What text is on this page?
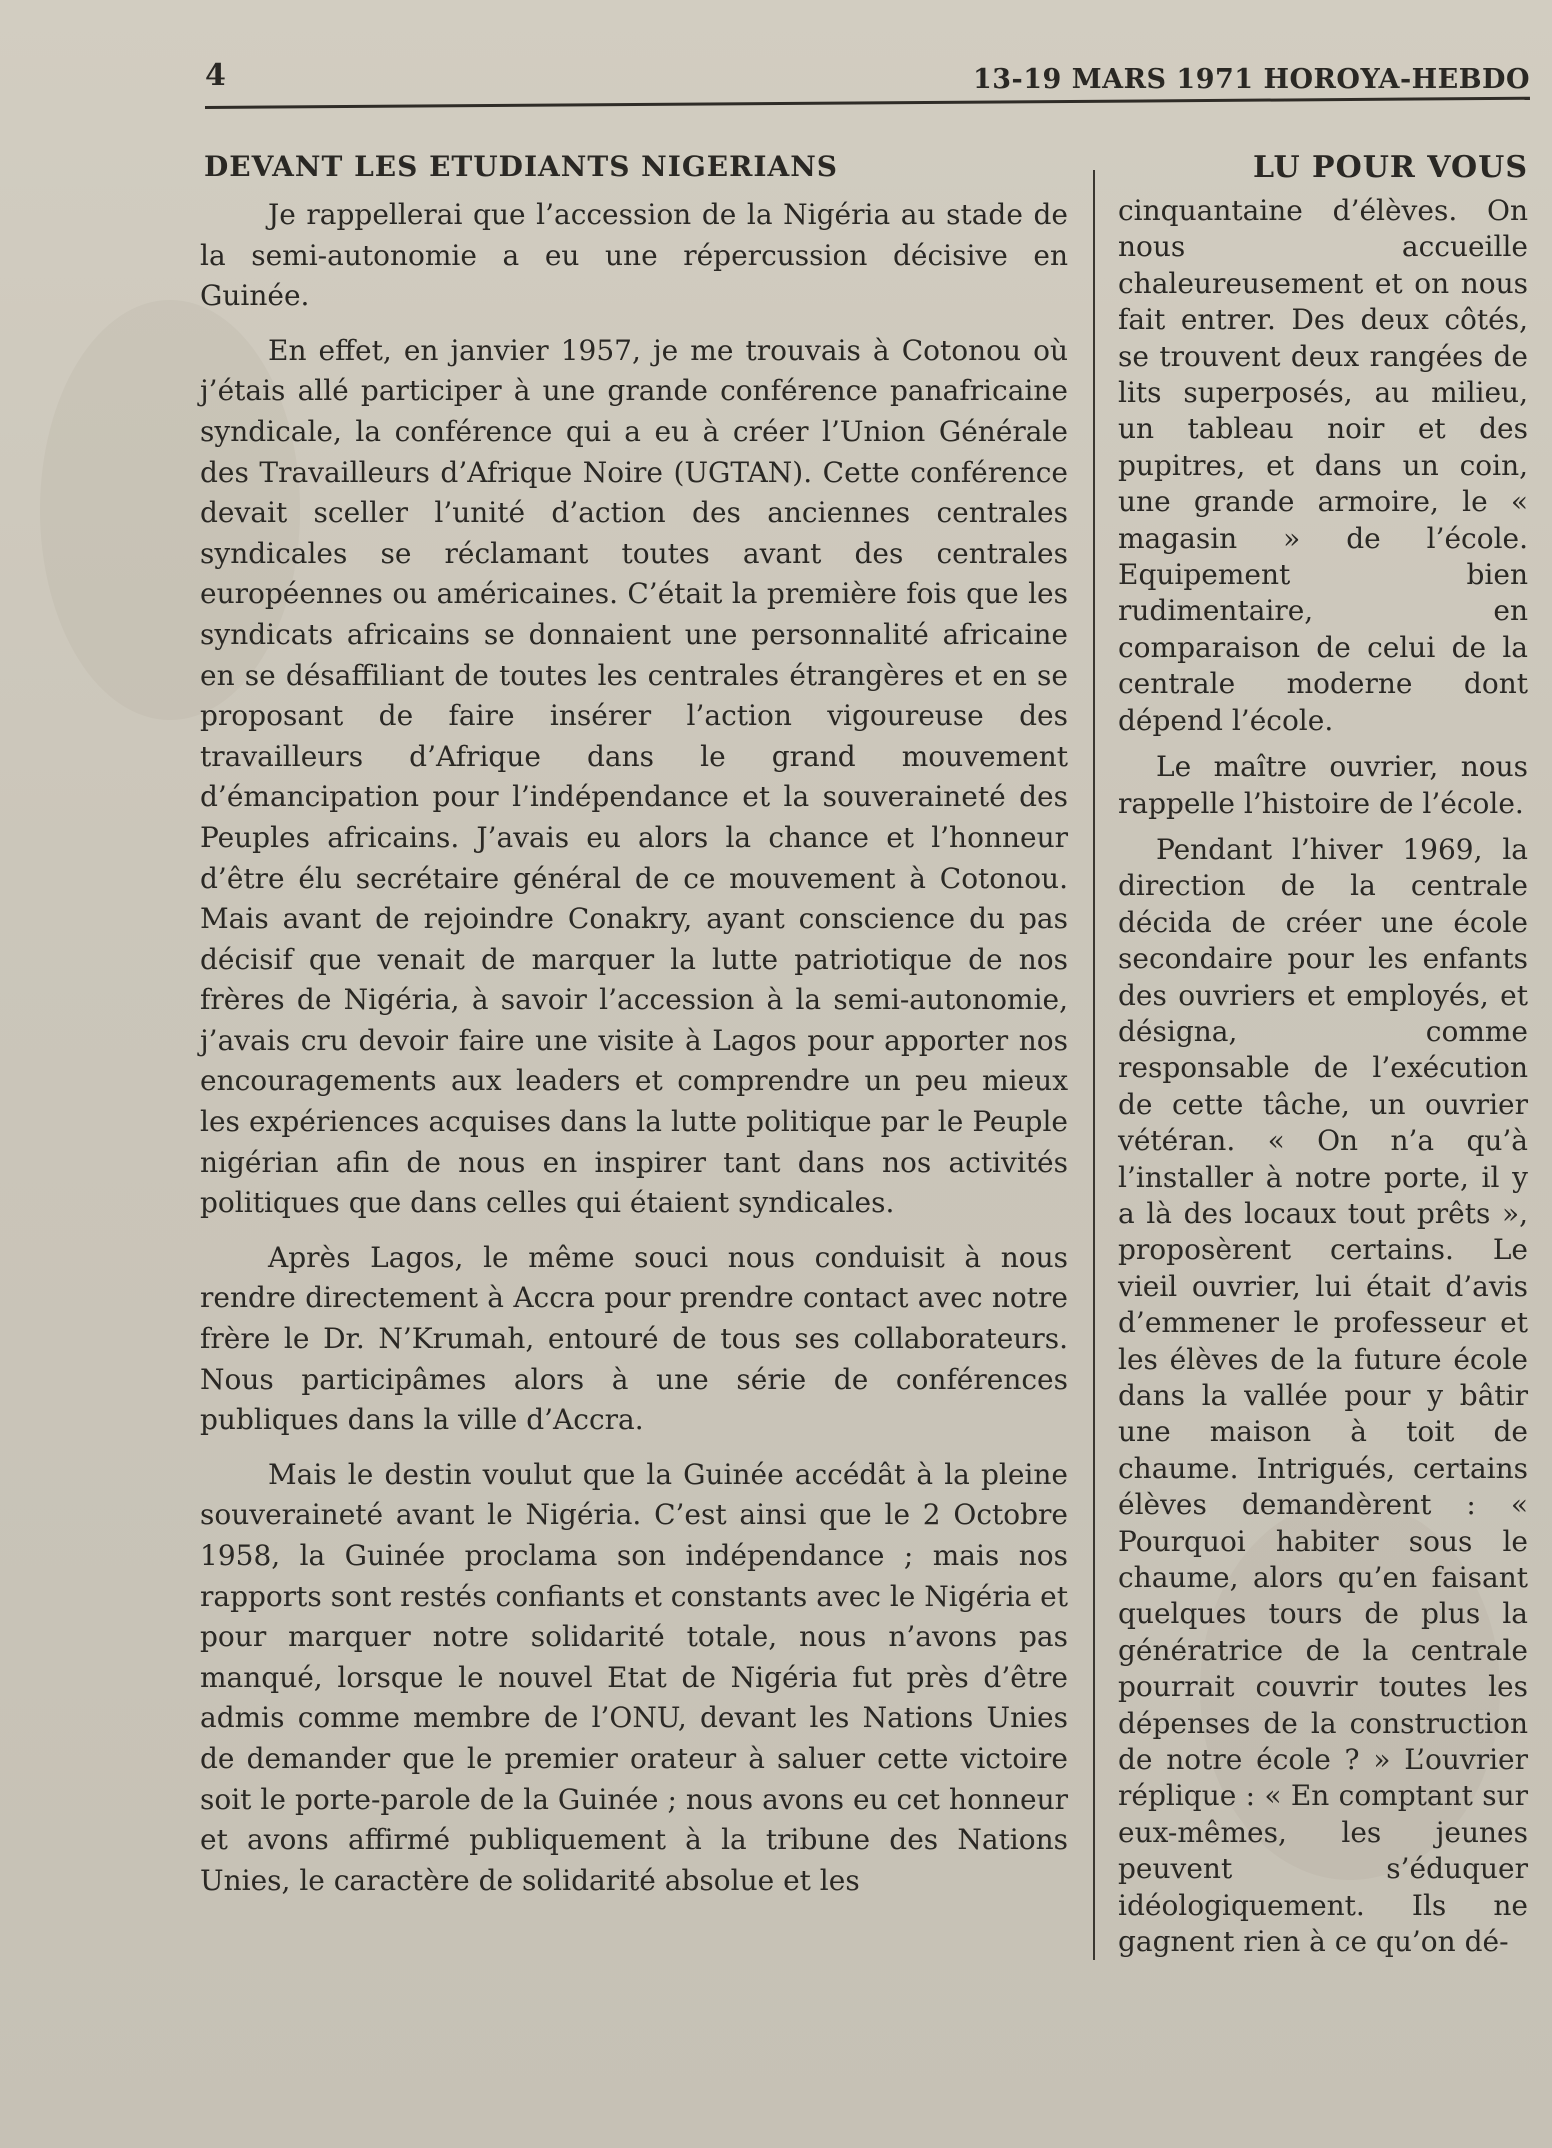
4	13-19 MARS 1971 HOROYA-HEBDO
DEVANT LES ETUDIANTS NIGERIANS

Je rappellerai que l’accession de la Nigéria au stade de la semi-autonomie a eu une répercussion décisive en Guinée.

En effet, en janvier 1957, je me trouvais à Cotonou où j’étais allé participer à une grande conférence panafricaine syndicale, la conférence qui a eu à créer l’Union Générale des Travailleurs d’Afrique Noire (UGTAN). Cette conférence devait sceller l’unité d’action des anciennes centrales syndicales se réclamant toutes avant des centrales européennes ou américaines. C’était la première fois que les syndicats africains se donnaient une personnalité africaine en se désaffiliant de toutes les centrales étrangères et en se proposant de faire insérer l’action vigoureuse des travailleurs d’Afrique dans le grand mouvement d’émancipation pour l’indépendance et la souveraineté des Peuples africains. J’avais eu alors la chance et l’honneur d’être élu secrétaire général de ce mouvement à Cotonou. Mais avant de rejoindre Conakry, ayant conscience du pas décisif que venait de marquer la lutte patriotique de nos frères de Nigéria, à savoir l’accession à la semi-autonomie, j’avais cru devoir faire une visite à Lagos pour apporter nos encouragements aux leaders et comprendre un peu mieux les expériences acquises dans la lutte politique par le Peuple nigérian afin de nous en inspirer tant dans nos activités politiques que dans celles qui étaient syndicales.

Après Lagos, le même souci nous conduisit à nous rendre directement à Accra pour prendre contact avec notre frère le Dr. N’Krumah, entouré de tous ses collaborateurs. Nous participâmes alors à une série de conférences publiques dans la ville d’Accra.

Mais le destin voulut que la Guinée accédât à la pleine souveraineté avant le Nigéria. C’est ainsi que le 2 Octobre 1958, la Guinée proclama son indépendance ; mais nos rapports sont restés confiants et constants avec le Nigéria et pour marquer notre solidarité totale, nous n’avons pas manqué, lorsque le nouvel Etat de Nigéria fut près d’être admis comme membre de l’ONU, devant les Nations Unies de demander que le premier orateur à saluer cette victoire soit le porte-parole de la Guinée ; nous avons eu cet honneur et avons affirmé publiquement à la tribune des Nations Unies, le caractère de solidarité absolue et les

LU POUR VOUS

cinquantaine d’élèves. On nous accueille chaleureusement et on nous fait entrer. Des deux côtés, se trouvent deux rangées de lits superposés, au milieu, un tableau noir et des pupitres, et dans un coin, une grande armoire, le « magasin » de l’école. Equipement bien rudimentaire, en comparaison de celui de la centrale moderne dont dépend l’école.

Le maître ouvrier, nous rappelle l’histoire de l’école.

Pendant l’hiver 1969, la direction de la centrale décida de créer une école secondaire pour les enfants des ouvriers et employés, et désigna, comme responsable de l’exécution de cette tâche, un ouvrier vétéran. « On n’a qu’à l’installer à notre porte, il y a là des locaux tout prêts », proposèrent certains. Le vieil ouvrier, lui était d’avis d’emmener le professeur et les élèves de la future école dans la vallée pour y bâtir une maison à toit de chaume. Intrigués, certains élèves demandèrent : « Pourquoi habiter sous le chaume, alors qu’en faisant quelques tours de plus la génératrice de la centrale pourrait couvrir toutes les dépenses de la construction de notre école ? » L’ouvrier réplique : « En comptant sur eux-mêmes, les jeunes peuvent s’éduquer idéologiquement. Ils ne gagnent rien à ce qu’on dé-
